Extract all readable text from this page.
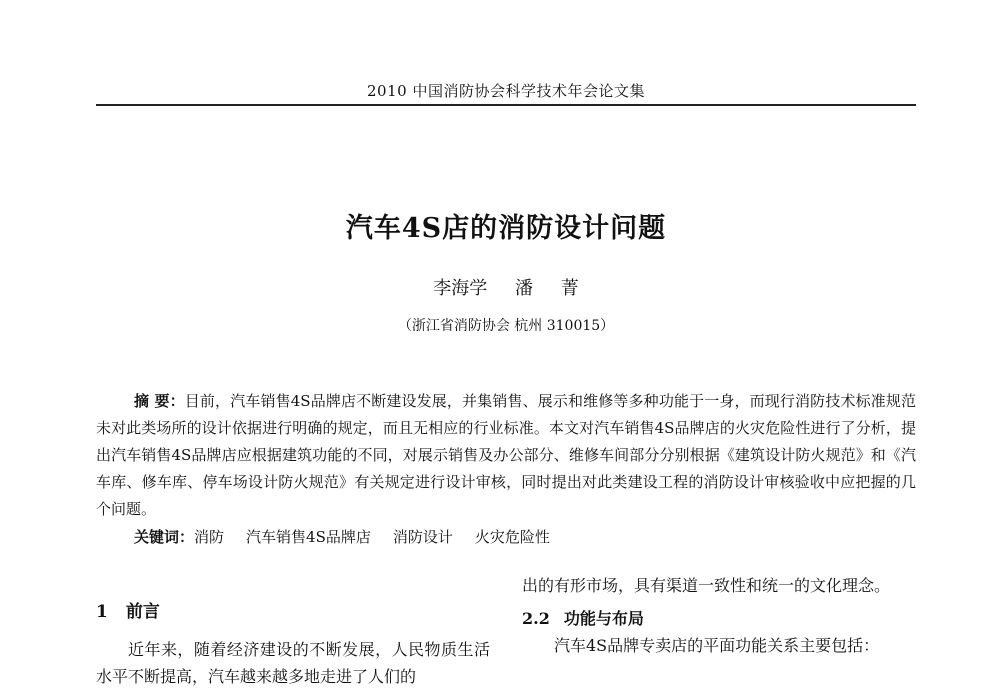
2010 中国消防协会科学技术年会论文集
汽车4S店的消防设计问题
李海学 潘 菁
（浙江省消防协会 杭州 310015）
摘 要：目前，汽车销售4S品牌店不断建设发展，并集销售、展示和维修等多种功能于一身，而现行消防技术标准规范未对此类场所的设计依据进行明确的规定，而且无相应的行业标准。本文对汽车销售4S品牌店的火灾危险性进行了分析，提出汽车销售4S品牌店应根据建筑功能的不同，对展示销售及办公部分、维修车间部分分别根据《建筑设计防火规范》和《汽车库、修车库、停车场设计防火规范》有关规定进行设计审核，同时提出对此类建设工程的消防设计审核验收中应把握的几个问题。
关键词：消防 汽车销售4S品牌店 消防设计 火灾危险性
1 前言

近年来，随着经济建设的不断发展，人民物质生活水平不断提高，汽车越来越多地走进了人们的

出的有形市场，具有渠道一致性和统一的文化理念。

2.2 功能与布局

汽车4S品牌专卖店的平面功能关系主要包括：
